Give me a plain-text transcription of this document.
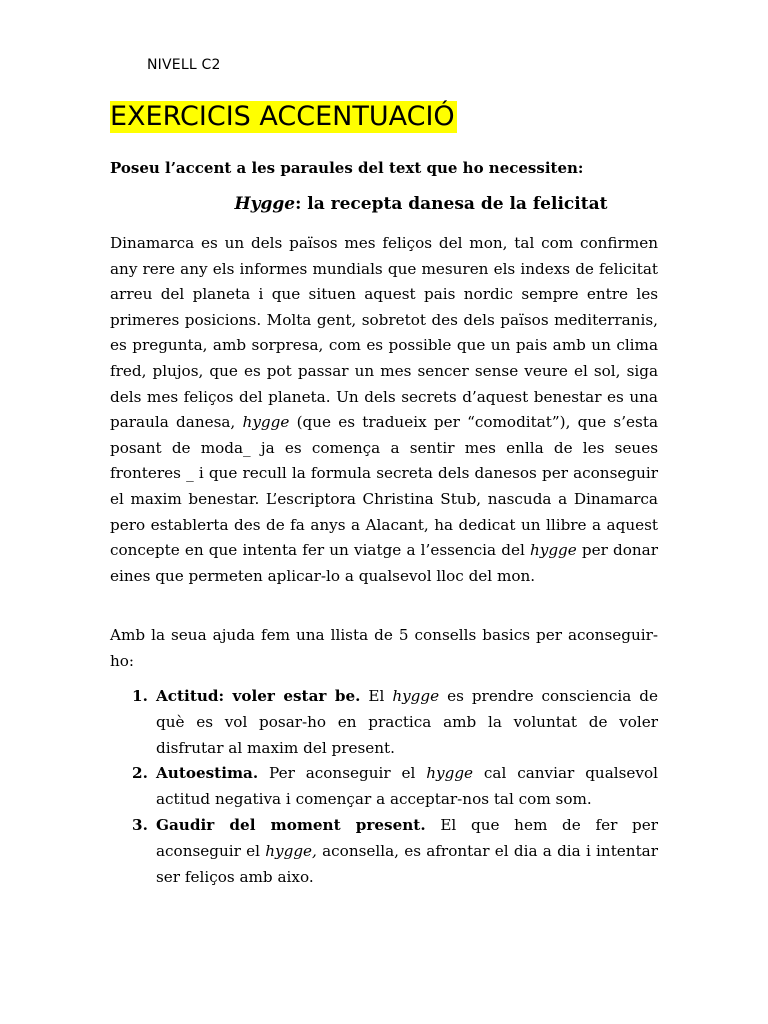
NIVELL C2
EXERCICIS ACCENTUACIÓ
Poseu l’accent a les paraules del text que ho necessiten:
Hygge: la recepta danesa de la felicitat
Dinamarca es un dels països mes feliços del mon, tal com confirmen any rere any els informes mundials que mesuren els indexs de felicitat arreu del planeta i que situen aquest pais nordic sempre entre les primeres posicions. Molta gent, sobretot des dels països mediterranis, es pregunta, amb sorpresa, com es possible que un pais amb un clima fred, plujos, que es pot passar un mes sencer sense veure el sol, siga dels mes feliços del planeta. Un dels secrets d’aquest benestar es una paraula danesa, hygge (que es tradueix per “comoditat”), que s’esta posant de moda_ ja es començа a sentir mes enlla de les seues fronteres _ i que recull la formula secreta dels danesos per aconseguir el maxim benestar. L’escriptora Christina Stub, nascuda a Dinamarca pero establerta des de fa anys a Alacant, ha dedicat un llibre a aquest concepte en que intenta fer un viatge a l’essencia del hygge per donar eines que permeten aplicar-lo a qualsevol lloc del mon.
Amb la seua ajuda fem una llista de 5 consells basics per aconseguir-ho:
1. Actitud: voler estar be. El hygge es prendre consciencia de què es vol posar-ho en practica amb la voluntat de voler disfrutar al maxim del present.
2. Autoestima. Per aconseguir el hygge cal canviar qualsevol actitud negativa i començar a acceptar-nos tal com som.
3. Gaudir del moment present. El que hem de fer per aconseguir el hygge, aconsella, es afrontar el dia a dia i intentar ser feliços amb aixo.
